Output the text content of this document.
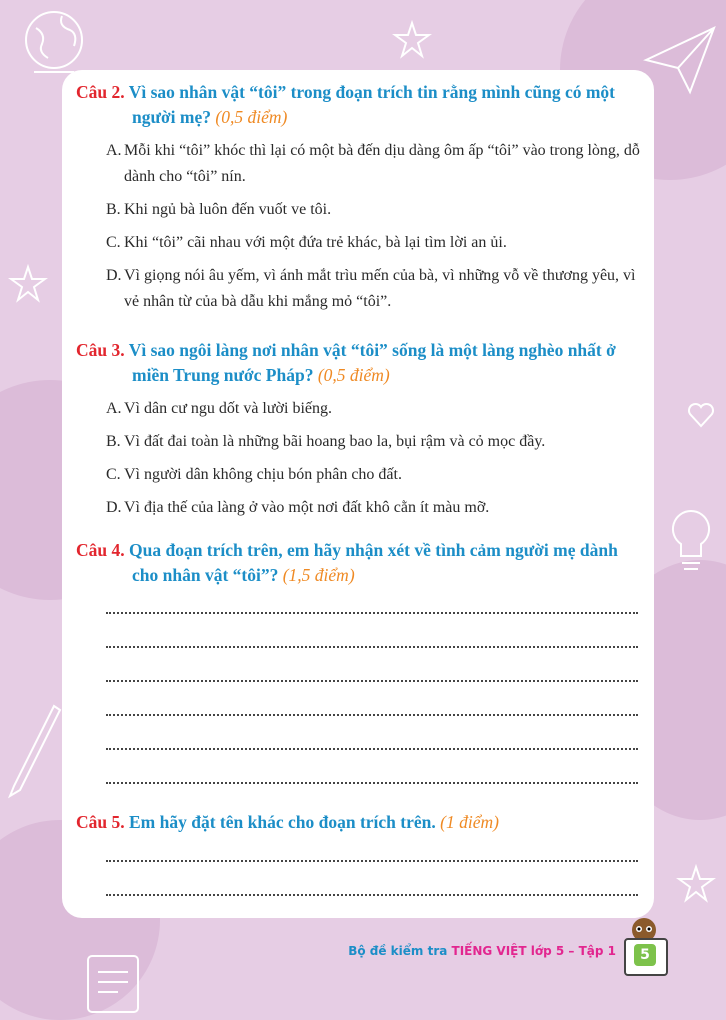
Câu 2. Vì sao nhân vật “tôi” trong đoạn trích tin rằng mình cũng có một người mẹ? (0,5 điểm)
A. Mỗi khi “tôi” khóc thì lại có một bà đến dịu dàng ôm ấp “tôi” vào trong lòng, dỗ dành cho “tôi” nín.
B. Khi ngủ bà luôn đến vuốt ve tôi.
C. Khi “tôi” cãi nhau với một đứa trẻ khác, bà lại tìm lời an ủi.
D. Vì giọng nói âu yếm, vì ánh mắt trìu mến của bà, vì những vỗ về thương yêu, vì vẻ nhân từ của bà dẫu khi mắng mỏ “tôi”.
Câu 3. Vì sao ngôi làng nơi nhân vật “tôi” sống là một làng nghèo nhất ở miền Trung nước Pháp? (0,5 điểm)
A. Vì dân cư ngu dốt và lười biếng.
B. Vì đất đai toàn là những bãi hoang bao la, bụi rậm và cỏ mọc đầy.
C. Vì người dân không chịu bón phân cho đất.
D. Vì địa thế của làng ở vào một nơi đất khô cằn ít màu mỡ.
Câu 4. Qua đoạn trích trên, em hãy nhận xét về tình cảm người mẹ dành cho nhân vật “tôi”? (1,5 điểm)
Câu 5. Em hãy đặt tên khác cho đoạn trích trên. (1 điểm)
Bộ đề kiểm tra TIẾNG VIỆT lớp 5 – Tập 1	5
